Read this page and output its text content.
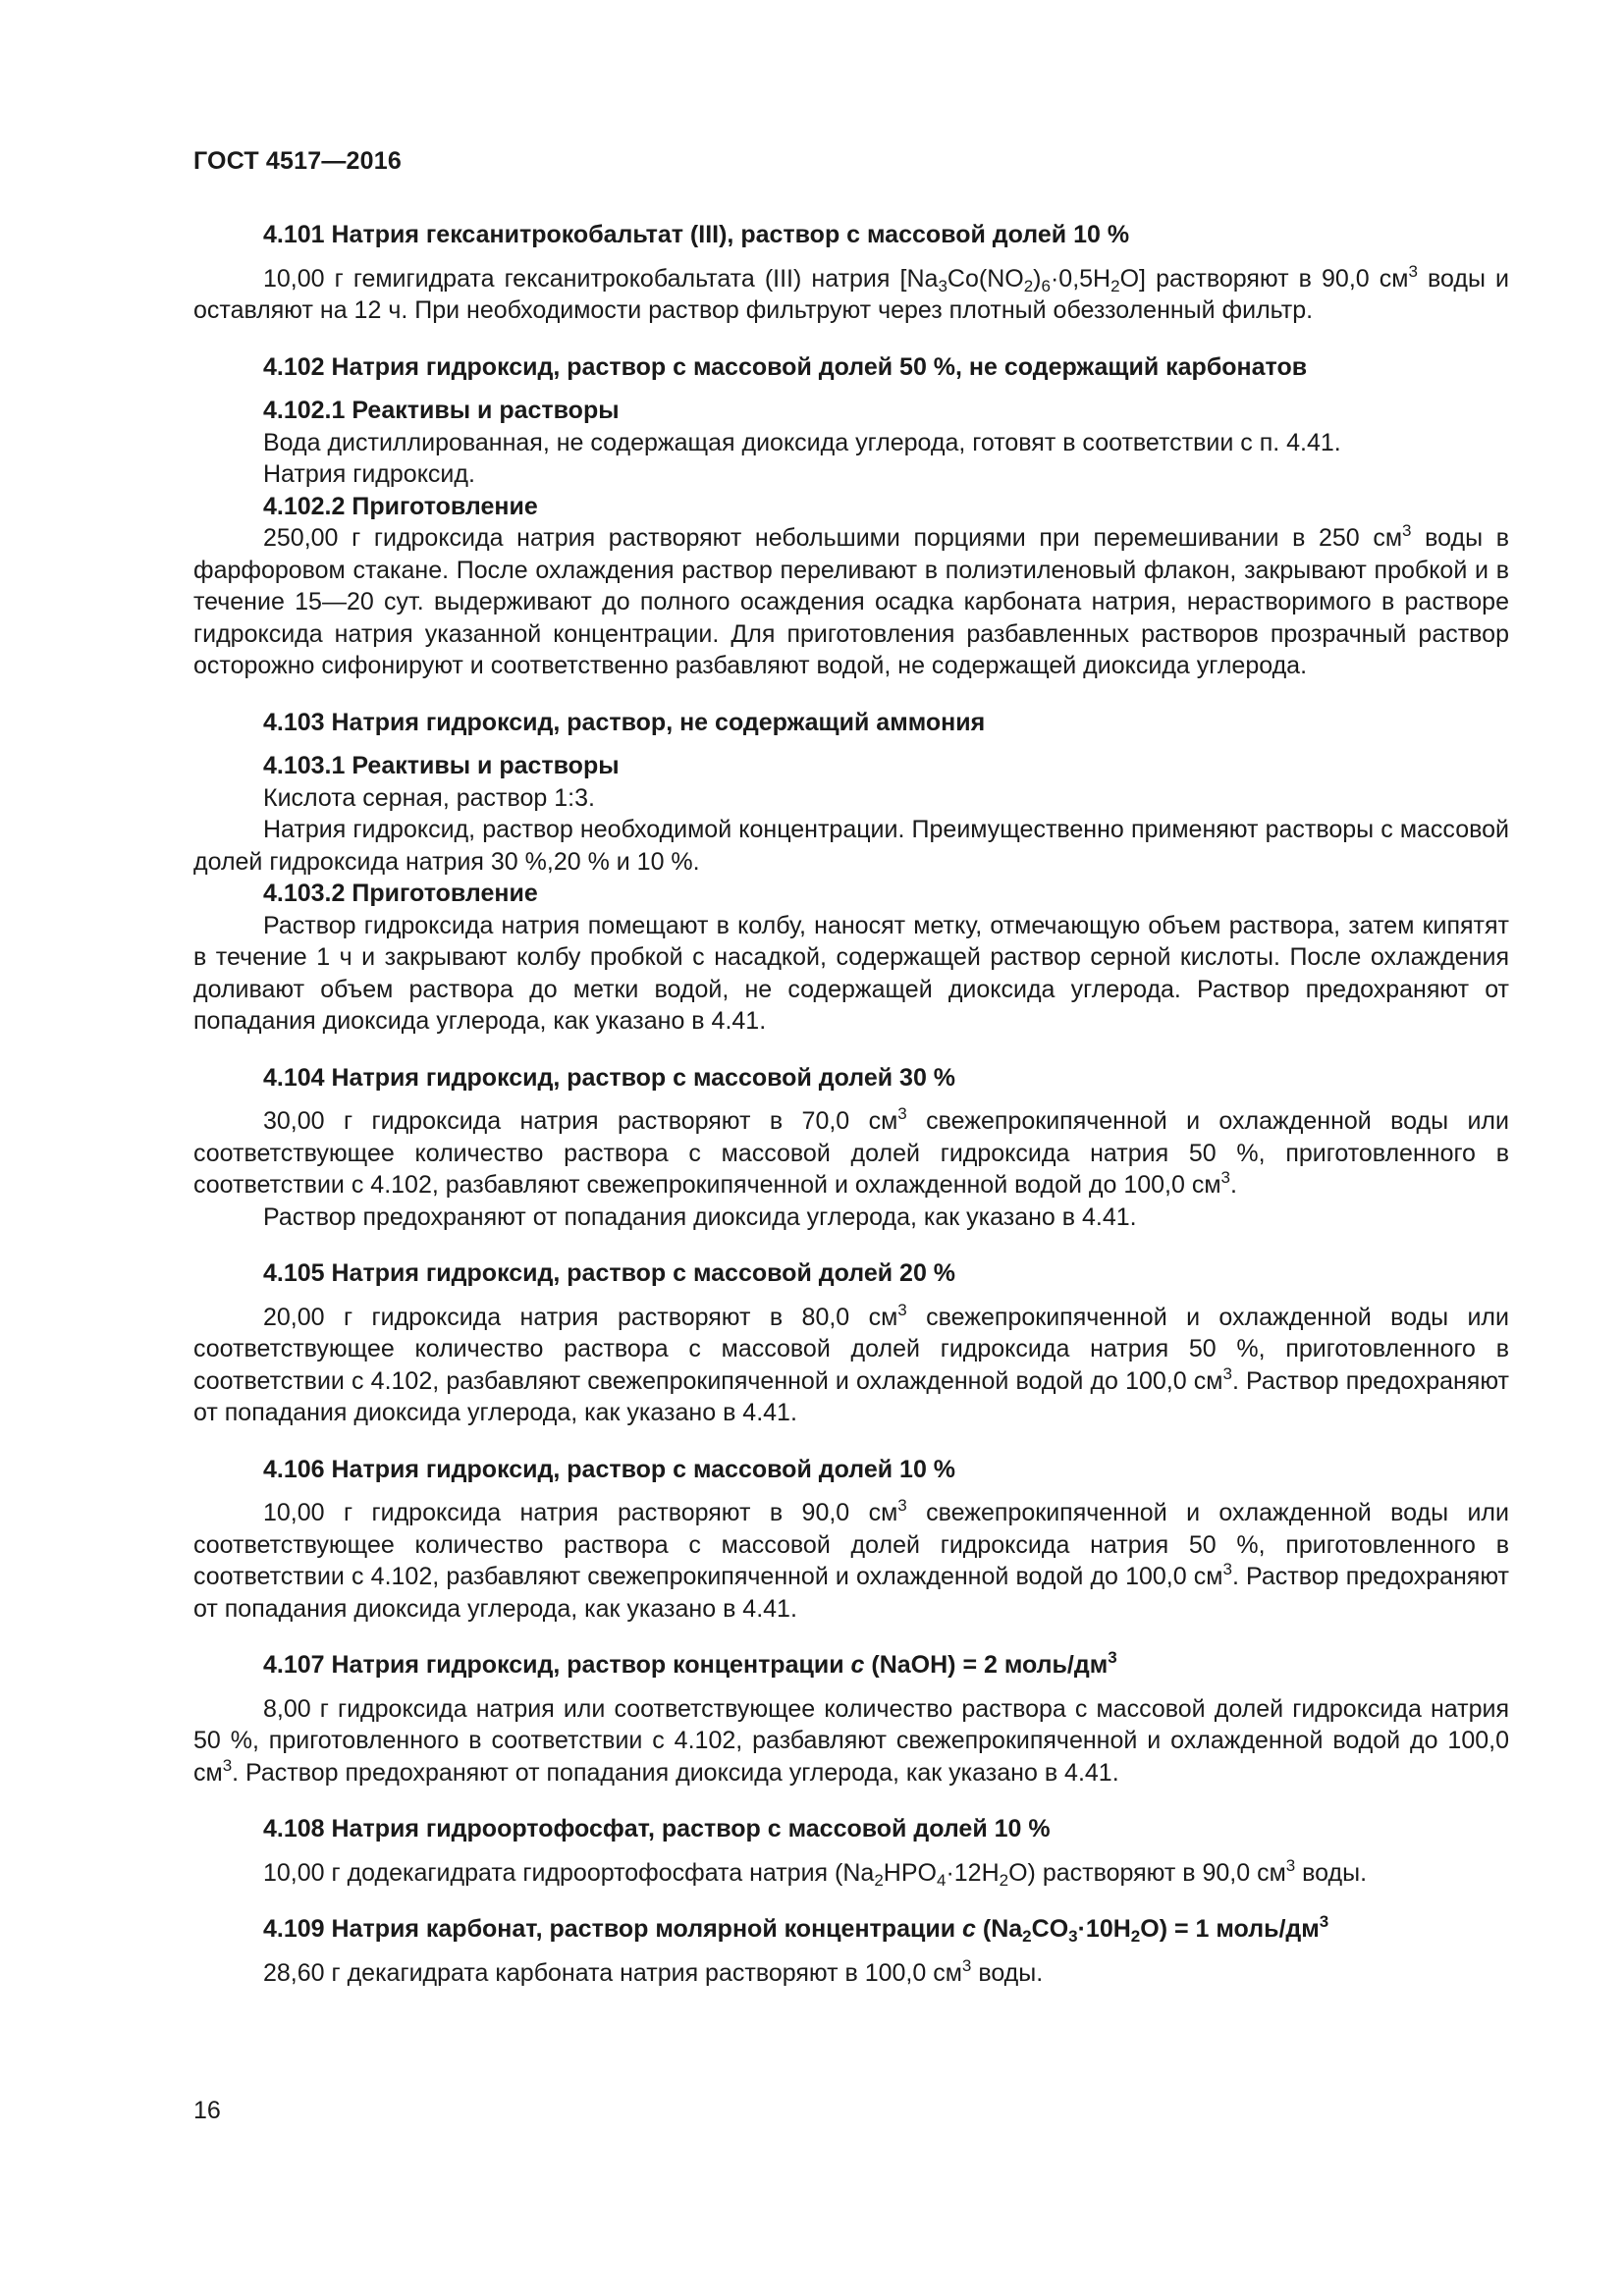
ГОСТ 4517—2016

4.101 Натрия гексанитрокобальтат (III), раствор с массовой долей 10 %

10,00 г гемигидрата гексанитрокобальтата (III) натрия $[Na_3Co(NO_2)_6\cdot 0,5H_2O]$ растворяют в 90,0 $см^3$ воды и оставляют на 12 ч. При необходимости раствор фильтруют через плотный обеззоленный фильтр.

4.102 Натрия гидроксид, раствор с массовой долей 50 %, не содержащий карбонатов

4.102.1 Реактивы и растворы

Вода дистиллированная, не содержащая диоксида углерода, готовят в соответствии с п. 4.41.

Натрия гидроксид.

4.102.2 Приготовление

250,00 г гидроксида натрия растворяют небольшими порциями при перемешивании в 250 $см^3$ воды в фарфоровом стакане. После охлаждения раствор переливают в полиэтиленовый флакон, закрывают пробкой и в течение 15—20 сут. выдерживают до полного осаждения осадка карбоната натрия, нерастворимого в растворе гидроксида натрия указанной концентрации. Для приготовления разбавленных растворов прозрачный раствор осторожно сифонируют и соответственно разбавляют водой, не содержащей диоксида углерода.

4.103 Натрия гидроксид, раствор, не содержащий аммония

4.103.1 Реактивы и растворы

Кислота серная, раствор 1:3.

Натрия гидроксид, раствор необходимой концентрации. Преимущественно применяют растворы с массовой долей гидроксида натрия 30 %,20 % и 10 %.

4.103.2 Приготовление

Раствор гидроксида натрия помещают в колбу, наносят метку, отмечающую объем раствора, затем кипятят в течение 1 ч и закрывают колбу пробкой с насадкой, содержащей раствор серной кислоты. После охлаждения доливают объем раствора до метки водой, не содержащей диоксида углерода. Раствор предохраняют от попадания диоксида углерода, как указано в 4.41.

4.104 Натрия гидроксид, раствор с массовой долей 30 %

30,00 г гидроксида натрия растворяют в 70,0 $см^3$ свежепрокипяченной и охлажденной воды или соответствующее количество раствора с массовой долей гидроксида натрия 50 %, приготовленного в соответствии с 4.102, разбавляют свежепрокипяченной и охлажденной водой до 100,0 $см^3$.

Раствор предохраняют от попадания диоксида углерода, как указано в 4.41.

4.105 Натрия гидроксид, раствор с массовой долей 20 %

20,00 г гидроксида натрия растворяют в 80,0 $см^3$ свежепрокипяченной и охлажденной воды или соответствующее количество раствора с массовой долей гидроксида натрия 50 %, приготовленного в соответствии с 4.102, разбавляют свежепрокипяченной и охлажденной водой до 100,0 $см^3$. Раствор предохраняют от попадания диоксида углерода, как указано в 4.41.

4.106 Натрия гидроксид, раствор с массовой долей 10 %

10,00 г гидроксида натрия растворяют в 90,0 $см^3$ свежепрокипяченной и охлажденной воды или соответствующее количество раствора с массовой долей гидроксида натрия 50 %, приготовленного в соответствии с 4.102, разбавляют свежепрокипяченной и охлажденной водой до 100,0 $см^3$. Раствор предохраняют от попадания диоксида углерода, как указано в 4.41.

4.107 Натрия гидроксид, раствор концентрации c (NaOH) = 2 моль/$дм^3$

8,00 г гидроксида натрия или соответствующее количество раствора с массовой долей гидроксида натрия 50 %, приготовленного в соответствии с 4.102, разбавляют свежепрокипяченной и охлажденной водой до 100,0 $см^3$. Раствор предохраняют от попадания диоксида углерода, как указано в 4.41.

4.108 Натрия гидроортофосфат, раствор с массовой долей 10 %

10,00 г додекагидрата гидроортофосфата натрия $(Na_2HPO_4\cdot 12H_2O)$ растворяют в 90,0 $см^3$ воды.

4.109 Натрия карбонат, раствор молярной концентрации c $(Na_2CO_3\cdot 10H_2O) = 1$ моль/$дм^3$

28,60 г декагидрата карбоната натрия растворяют в 100,0 $см^3$ воды.

16
